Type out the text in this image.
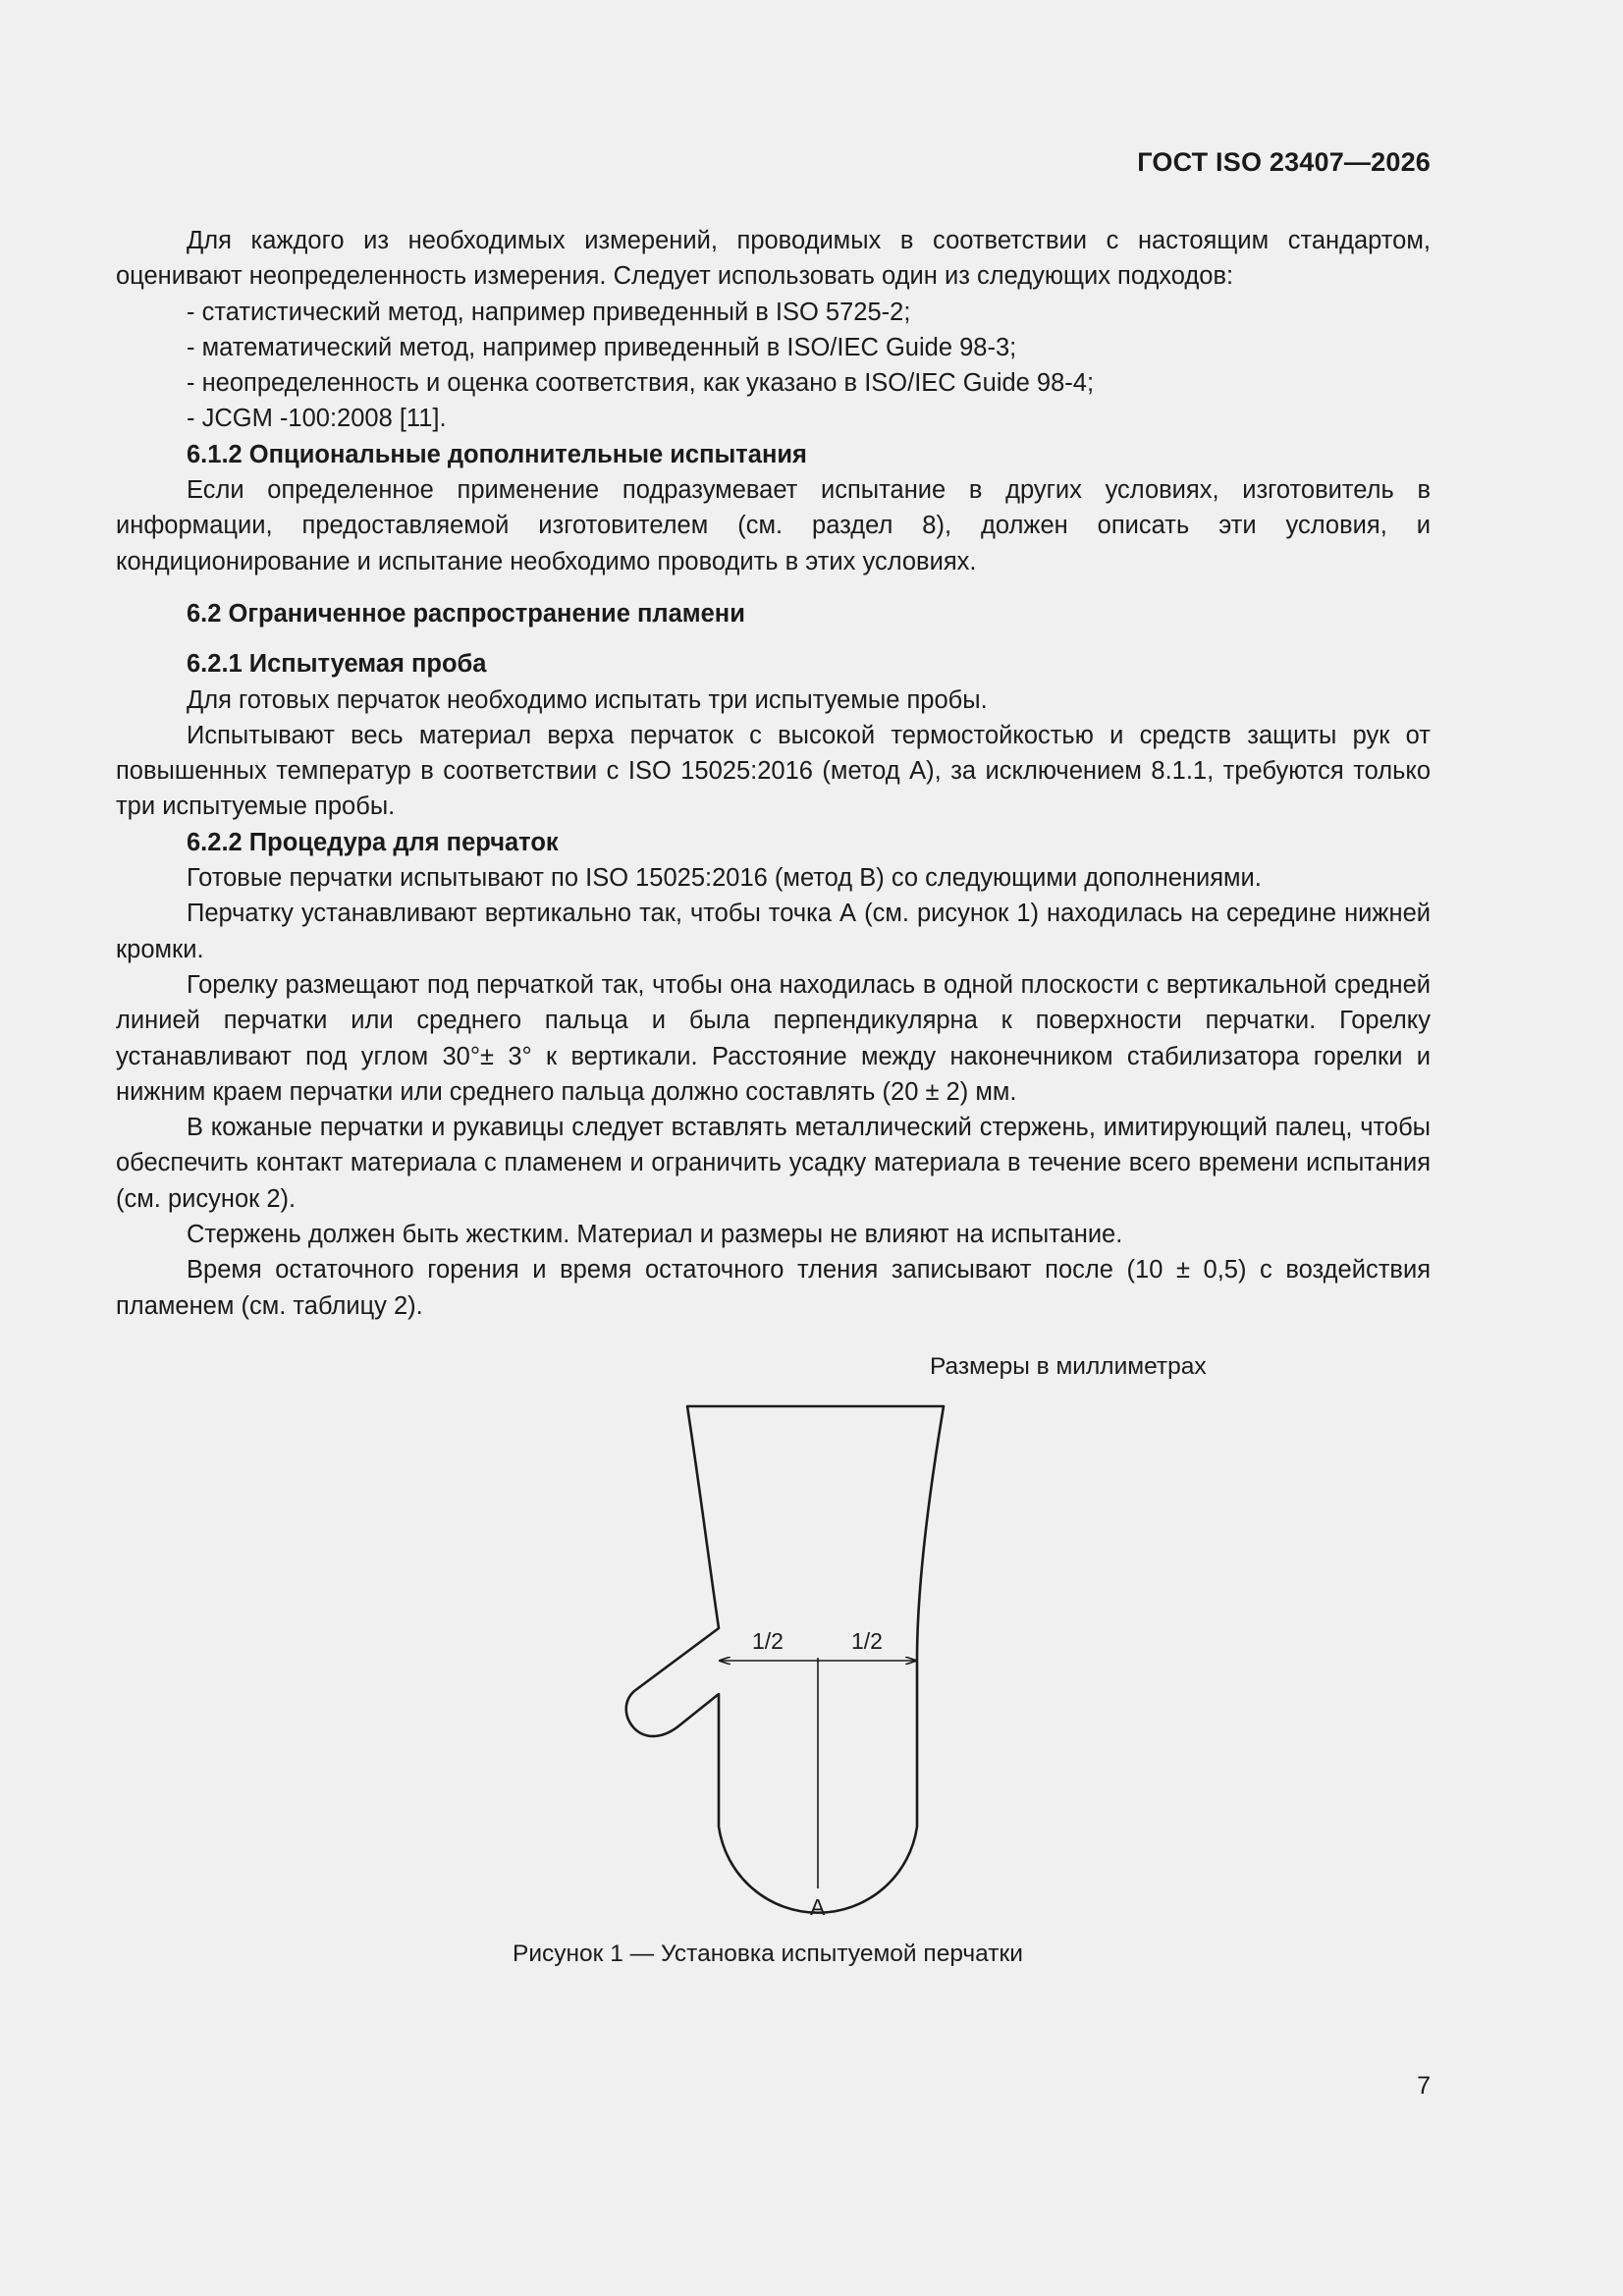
ГОСТ ISO 23407—2026

Для каждого из необходимых измерений, проводимых в соответствии с настоящим стандартом, оценивают неопределенность измерения. Следует использовать один из следующих подходов:

- статистический метод, например приведенный в ISO 5725-2;

- математический метод, например приведенный в ISO/IEC Guide 98-3;

- неопределенность и оценка соответствия, как указано в ISO/IEC Guide 98-4;

- JCGM -100:2008 [11].

6.1.2 Опциональные дополнительные испытания

Если определенное применение подразумевает испытание в других условиях, изготовитель в информации, предоставляемой изготовителем (см. раздел 8), должен описать эти условия, и кондиционирование и испытание необходимо проводить в этих условиях.

6.2 Ограниченное распространение пламени

6.2.1 Испытуемая проба

Для готовых перчаток необходимо испытать три испытуемые пробы.

Испытывают весь материал верха перчаток с высокой термостойкостью и средств защиты рук от повышенных температур в соответствии с ISO 15025:2016 (метод А), за исключением 8.1.1, требуются только три испытуемые пробы.

6.2.2 Процедура для перчаток

Готовые перчатки испытывают по ISO 15025:2016 (метод В) со следующими дополнениями.

Перчатку устанавливают вертикально так, чтобы точка А (см. рисунок 1) находилась на середине нижней кромки.

Горелку размещают под перчаткой так, чтобы она находилась в одной плоскости с вертикальной средней линией перчатки или среднего пальца и была перпендикулярна к поверхности перчатки. Горелку устанавливают под углом 30°± 3° к вертикали. Расстояние между наконечником стабилизатора горелки и нижним краем перчатки или среднего пальца должно составлять (20 ± 2) мм.

В кожаные перчатки и рукавицы следует вставлять металлический стержень, имитирующий палец, чтобы обеспечить контакт материала с пламенем и ограничить усадку материала в течение всего времени испытания (см. рисунок 2).

Стержень должен быть жестким. Материал и размеры не влияют на испытание.

Время остаточного горения и время остаточного тления записывают после (10 ± 0,5) с воздействия пламенем (см. таблицу 2).

Размеры в миллиметрах
1/2	1/2
А
Рисунок 1 — Установка испытуемой перчатки
7
